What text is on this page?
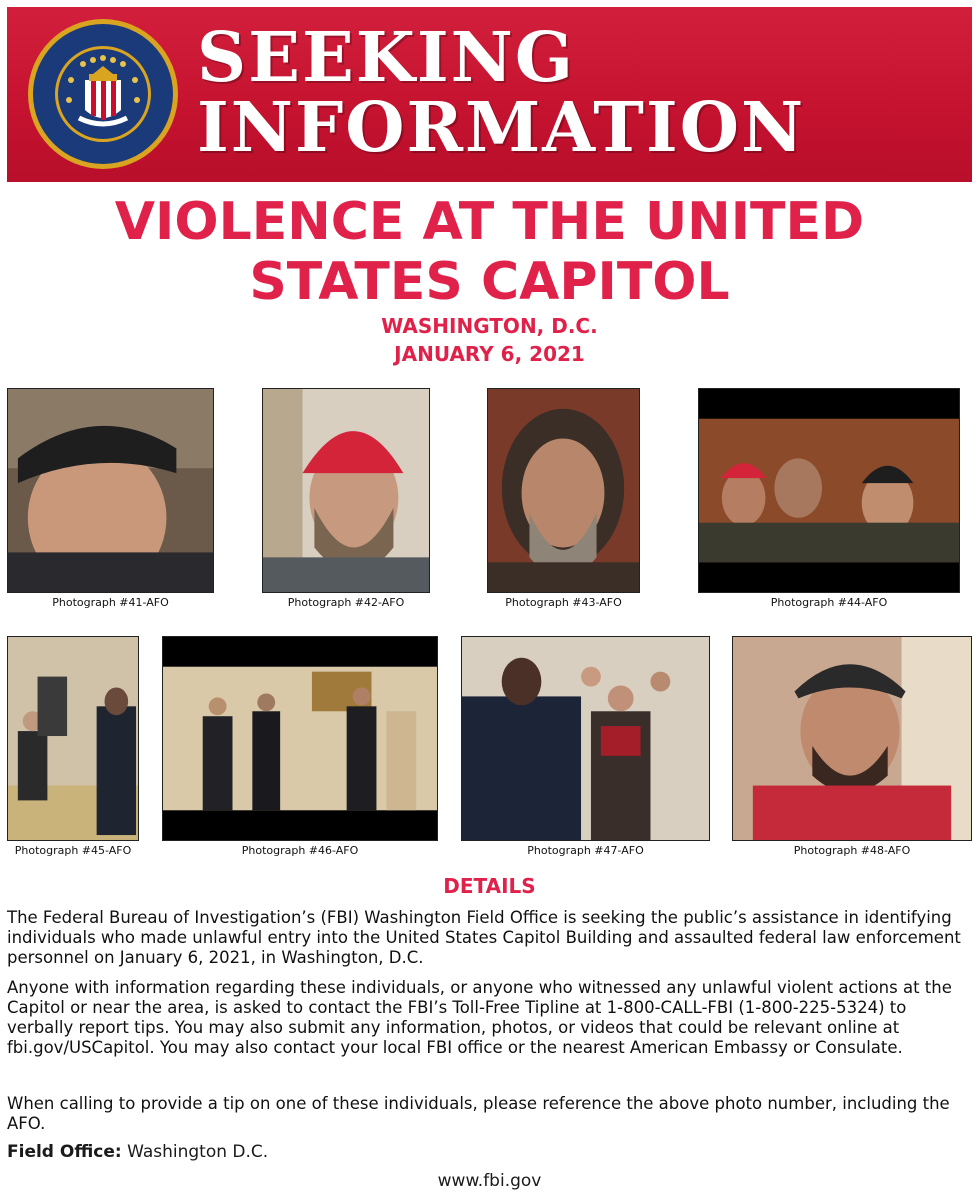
SEEKING
INFORMATION
VIOLENCE AT THE UNITED
STATES CAPITOL
WASHINGTON, D.C.
JANUARY 6, 2021
Photograph #41-AFO	Photograph #42-AFO	Photograph #43-AFO	Photograph #44-AFO
Photograph #45-AFO	Photograph #46-AFO	Photograph #47-AFO	Photograph #48-AFO
DETAILS

The Federal Bureau of Investigation’s (FBI) Washington Field Office is seeking the public’s assistance in identifying individuals who made unlawful entry into the United States Capitol Building and assaulted federal law enforcement personnel on January 6, 2021, in Washington, D.C.

Anyone with information regarding these individuals, or anyone who witnessed any unlawful violent actions at the Capitol or near the area, is asked to contact the FBI’s Toll-Free Tipline at 1-800-CALL-FBI (1-800-225-5324) to verbally report tips. You may also submit any information, photos, or videos that could be relevant online at fbi.gov/USCapitol. You may also contact your local FBI office or the nearest American Embassy or Consulate.

When calling to provide a tip on one of these individuals, please reference the above photo number, including the AFO.

Field Office: Washington D.C.
www.fbi.gov
